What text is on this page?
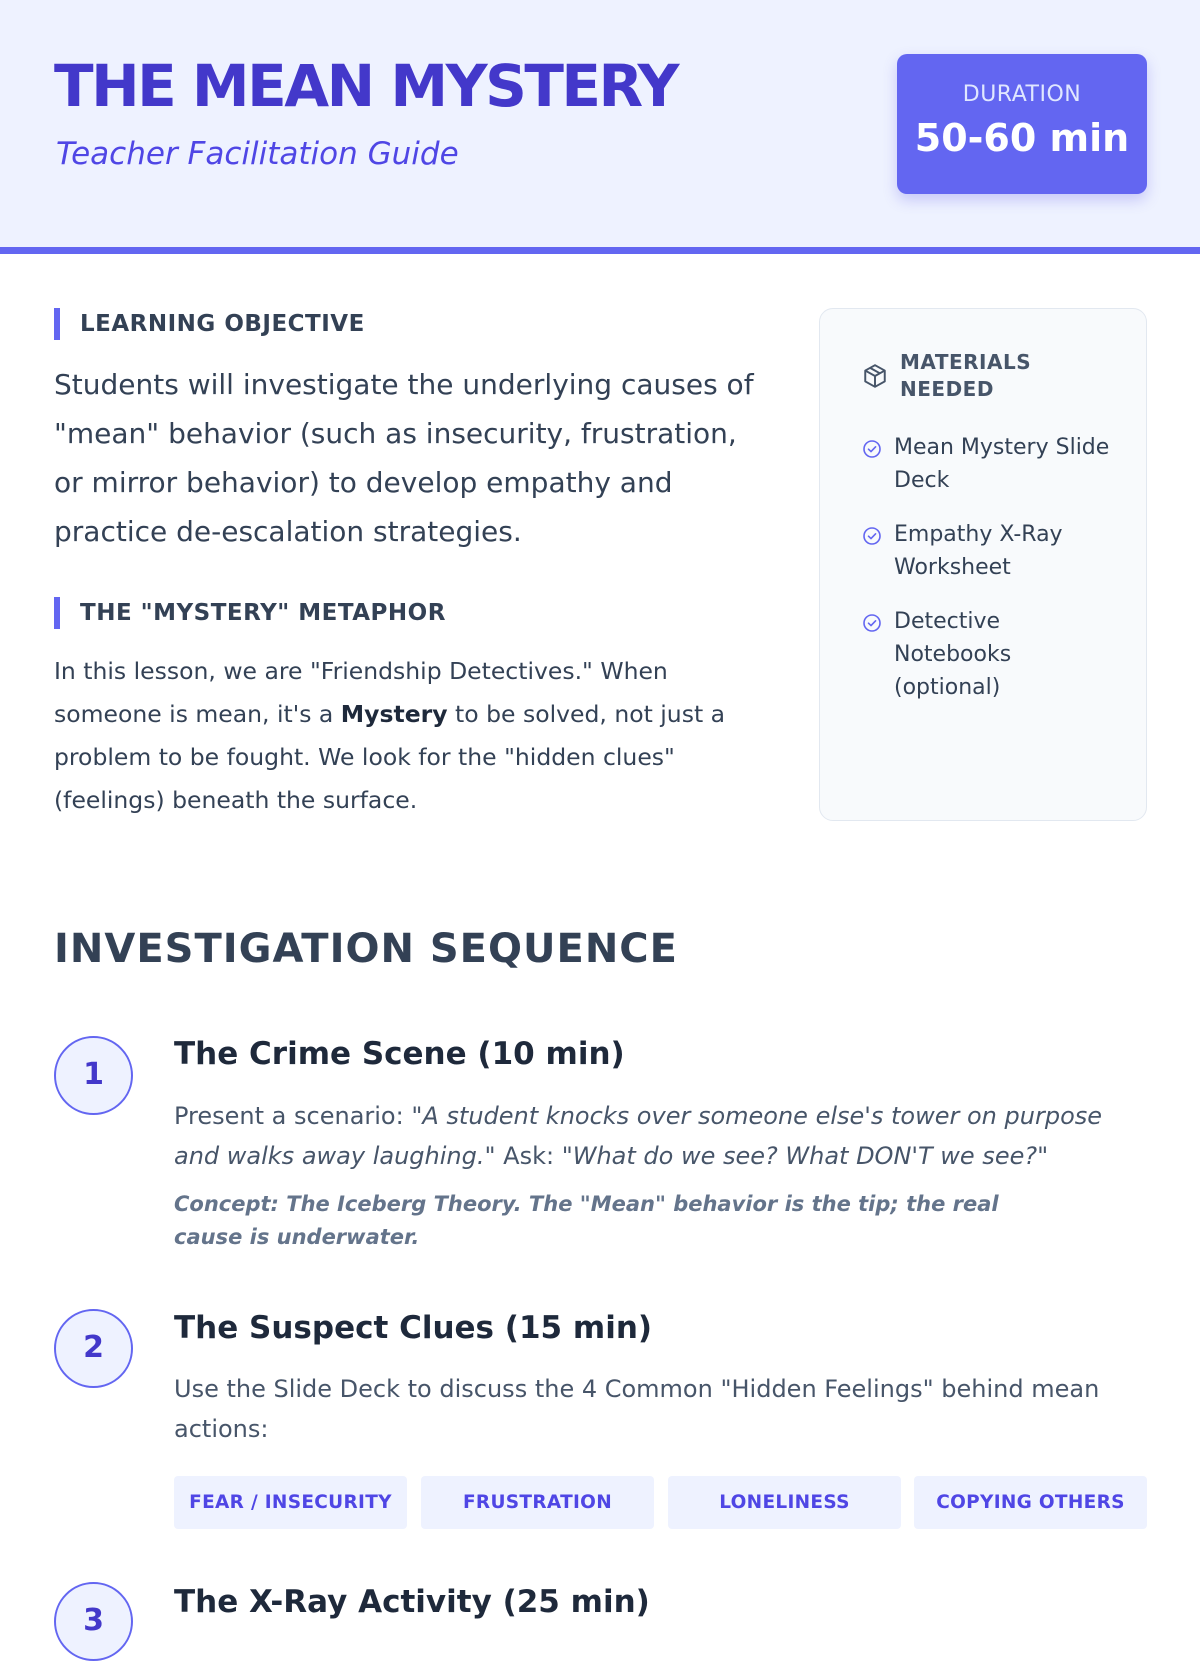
THE MEAN MYSTERY
Teacher Facilitation Guide
DURATION
50-60 min
LEARNING OBJECTIVE

Students will investigate the underlying causes of "mean" behavior (such as insecurity, frustration, or mirror behavior) to develop empathy and practice de-escalation strategies.

THE "MYSTERY" METAPHOR

In this lesson, we are "Friendship Detectives." When someone is mean, it's a Mystery to be solved, not just a problem to be fought. We look for the "hidden clues" (feelings) beneath the surface.

MATERIALS NEEDED
Mean Mystery Slide Deck
Empathy X-Ray Worksheet
Detective Notebooks (optional)
INVESTIGATION SEQUENCE
1
The Crime Scene (10 min)

Present a scenario: "A student knocks over someone else's tower on purpose and walks away laughing." Ask: "What do we see? What DON'T we see?"

Concept: The Iceberg Theory. The "Mean" behavior is the tip; the real cause is underwater.

2
The Suspect Clues (15 min)

Use the Slide Deck to discuss the 4 Common "Hidden Feelings" behind mean actions:

FEAR / INSECURITY	FRUSTRATION	LONELINESS	COPYING OTHERS
3
The X-Ray Activity (25 min)
